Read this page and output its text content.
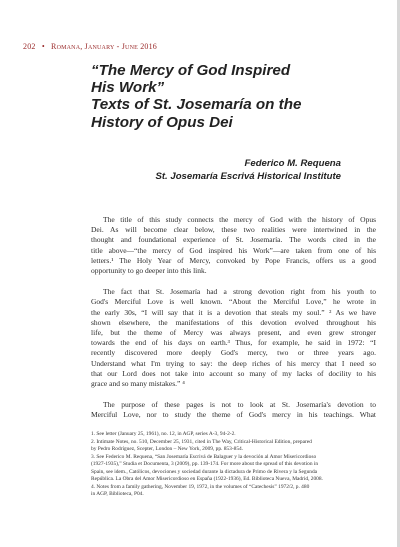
202 • Romana, January - June 2016
“The Mercy of God Inspired
His Work”
Texts of St. Josemaría on the
History of Opus Dei
Federico M. Requena
St. Josemaría Escrivá Historical Institute

The title of this study connects the mercy of God with the history of Opus
Dei. As will become clear below, these two realities were intertwined in the
thought and foundational experience of St. Josemaría. The words cited in the
title above—“the mercy of God inspired his Work”—are taken from one of his
letters.¹ The Holy Year of Mercy, convoked by Pope Francis, offers us a good
opportunity to go deeper into this link.

The fact that St. Josemaría had a strong devotion right from his youth to
God's Merciful Love is well known. “About the Merciful Love,” he wrote in
the early 30s, “I will say that it is a devotion that steals my soul.” ² As we have
shown elsewhere, the manifestations of this devotion evolved throughout his
life, but the theme of Mercy was always present, and even grew stronger
towards the end of his days on earth.³ Thus, for example, he said in 1972: “I
recently discovered more deeply God's mercy, two or three years ago.
Understand what I'm trying to say: the deep riches of his mercy that I need so
that our Lord does not take into account so many of my lacks of docility to his
grace and so many mistakes.” ⁴

The purpose of these pages is not to look at St. Josemaría's devotion to
Merciful Love, nor to study the theme of God's mercy in his teachings. What

1. See letter (January 25, 1961), no. 12, in AGP, series A-3, 94-2-2.
2. Intimate Notes, no. 510, December 25, 1931, cited in The Way, Critical-Historical Edition, prepared
by Pedro Rodríguez, Scepter, London – New York, 2009, pp. 853-854.
3. See Federico M. Requena, “San Josemaría Escrivá de Balaguer y la devoción al Amor Misericordioso
(1927-1935),” Studia et Documenta, 3 (2009), pp. 139-174. For more about the spread of this devotion in
Spain, see idem., Católicos, devociones y sociedad durante la dictadura de Primo de Rivera y la Segunda
República. La Obra del Amor Misericordioso en España (1922-1936), Ed. Biblioteca Nueva, Madrid, 2008.
4. Notes from a family gathering, November 19, 1972, in the volumes of “Catechesis” 1972/2, p. 480
in AGP, Biblioteca, P04.
